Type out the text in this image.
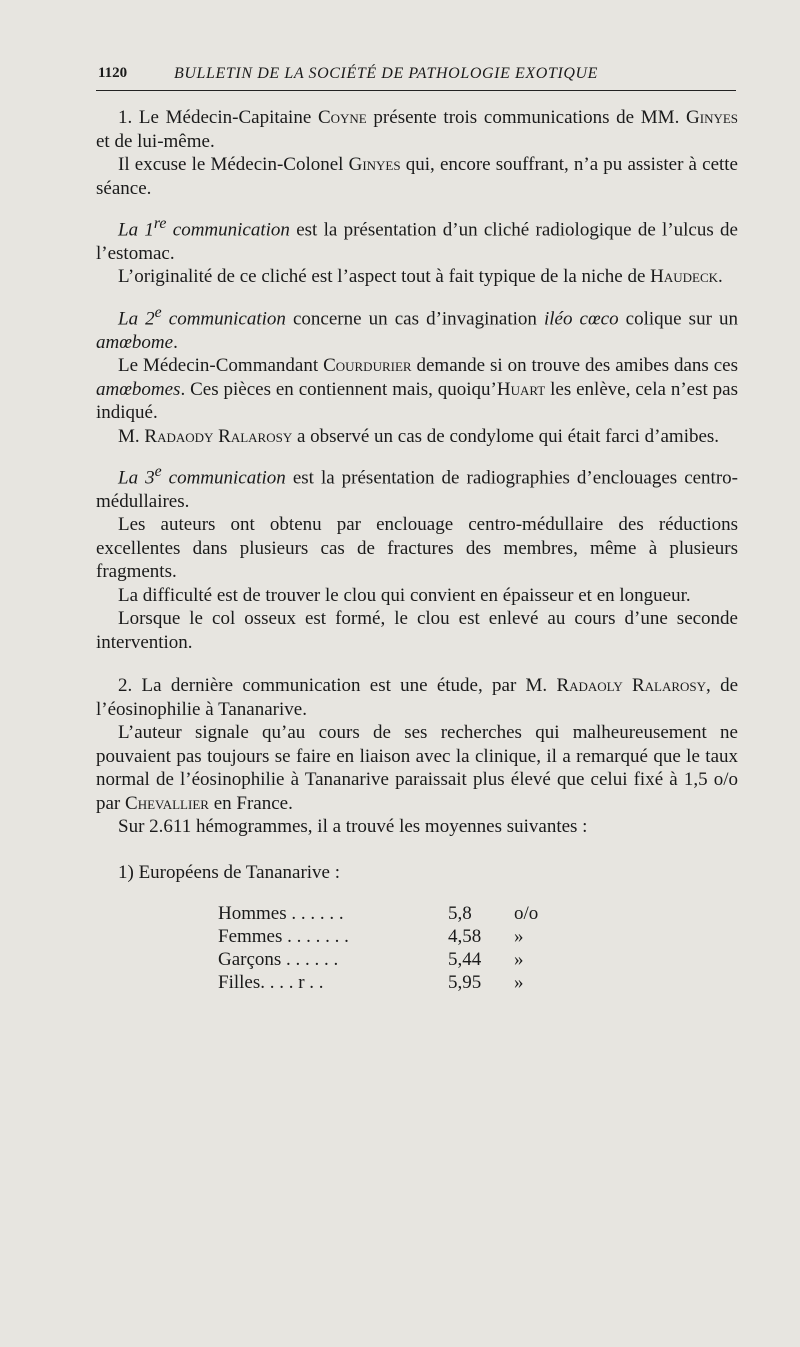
1120	BULLETIN DE LA SOCIÉTÉ DE PATHOLOGIE EXOTIQUE

1. Le Médecin-Capitaine Coyne présente trois communications de MM. Ginyes et de lui-même.

Il excuse le Médecin-Colonel Ginyes qui, encore souffrant, n’a pu assister à cette séance.

La 1re communication est la présentation d’un cliché radiologique de l’ulcus de l’estomac.

L’originalité de ce cliché est l’aspect tout à fait typique de la niche de Haudeck.

La 2e communication concerne un cas d’invagination iléo cœco colique sur un amœbome.

Le Médecin-Commandant Courdurier demande si on trouve des amibes dans ces amœbomes. Ces pièces en contiennent mais, quoiqu’Huart les enlève, cela n’est pas indiqué.

M. Radaody Ralarosy a observé un cas de condylome qui était farci d’amibes.

La 3e communication est la présentation de radiographies d’enclouages centro-médullaires.

Les auteurs ont obtenu par enclouage centro-médullaire des réductions excellentes dans plusieurs cas de fractures des membres, même à plusieurs fragments.

La difficulté est de trouver le clou qui convient en épaisseur et en longueur.

Lorsque le col osseux est formé, le clou est enlevé au cours d’une seconde intervention.

2. La dernière communication est une étude, par M. Radaoly Ralarosy, de l’éosinophilie à Tananarive.

L’auteur signale qu’au cours de ses recherches qui malheureusement ne pouvaient pas toujours se faire en liaison avec la clinique, il a remarqué que le taux normal de l’éosinophilie à Tananarive paraissait plus élevé que celui fixé à 1,5 o/o par Chevallier en France.

Sur 2.611 hémogrammes, il a trouvé les moyennes suivantes :

1) Européens de Tananarive :

Hommes . . . . . .	5,8	o/o
Femmes . . . . . . .	4,58	»
Garçons . . . . . .	5,44	»
Filles. . . . r . .	5,95	»
